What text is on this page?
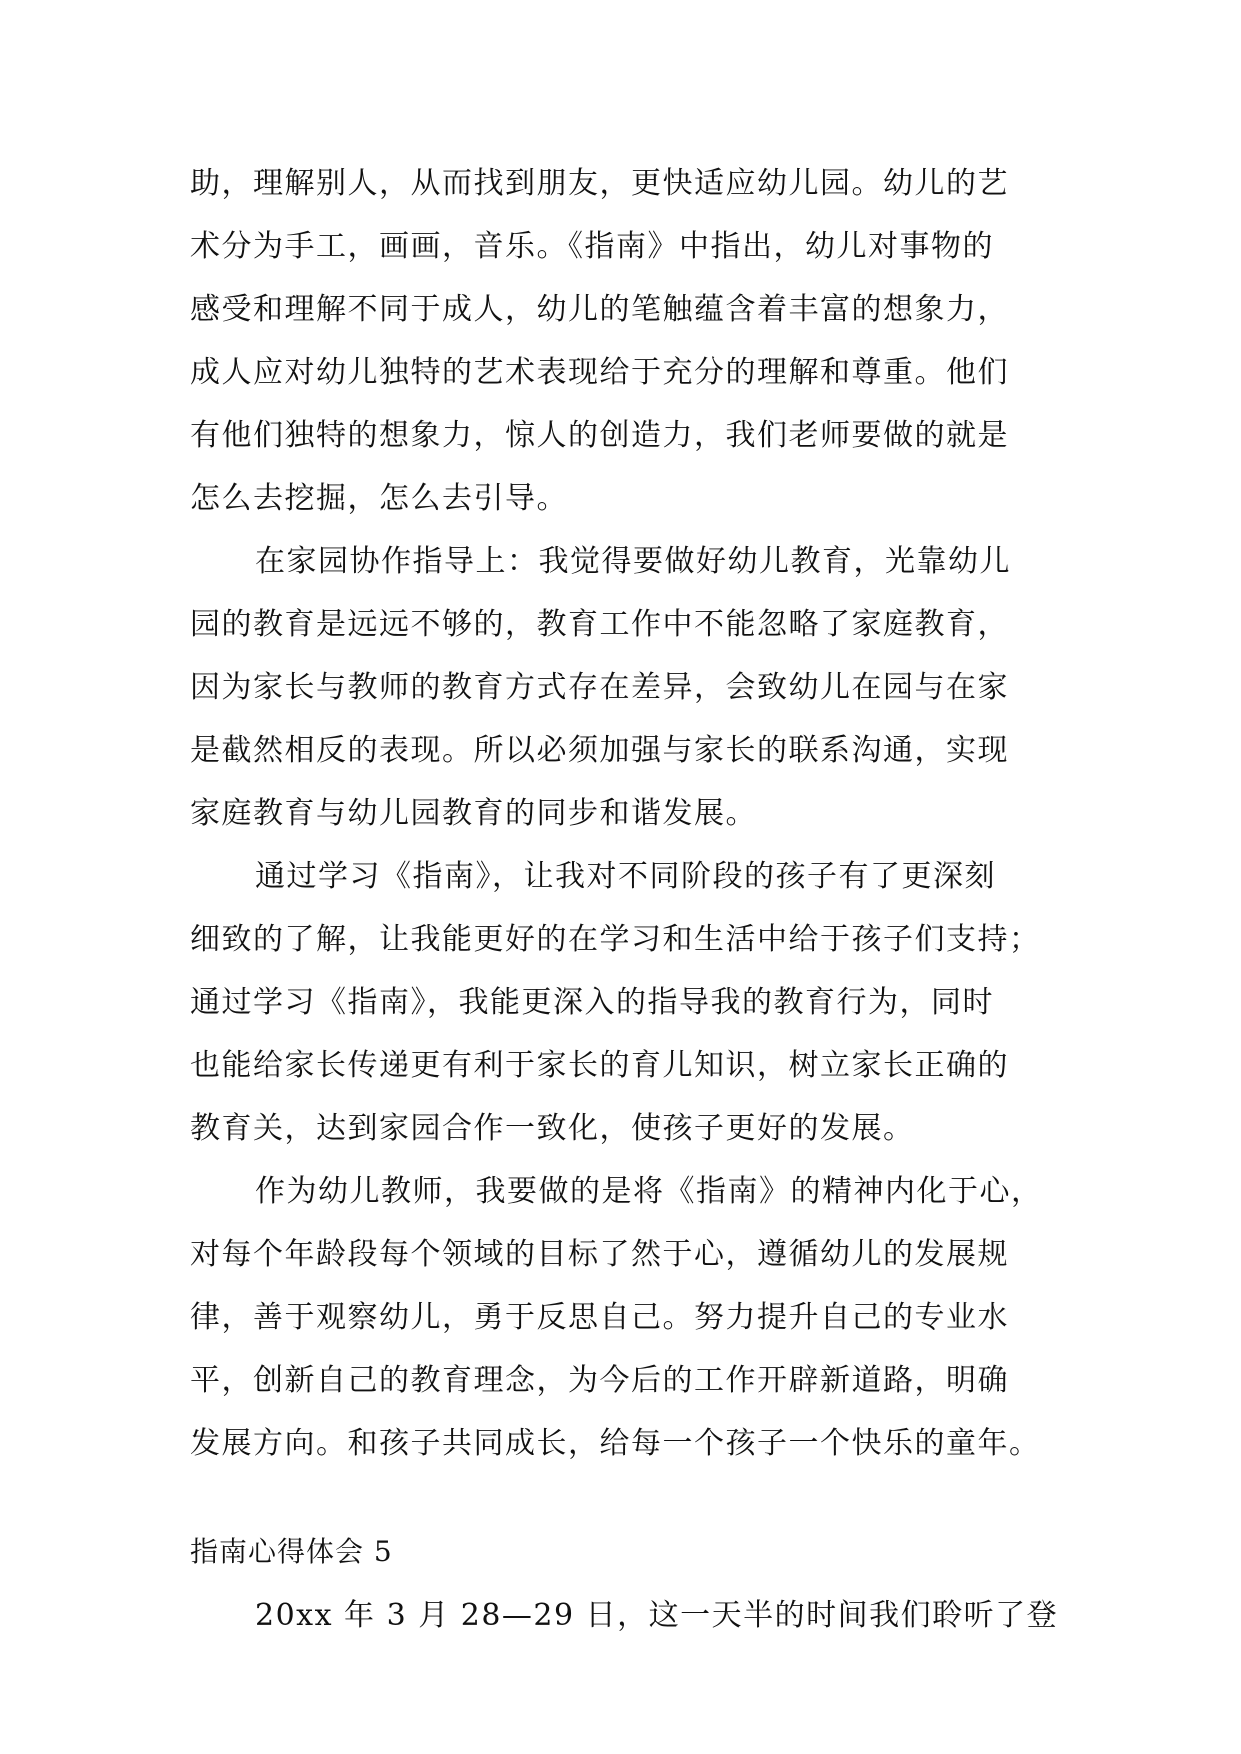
助，理解别人，从而找到朋友，更快适应幼儿园。幼儿的艺
术分为手工，画画，音乐。《指南》中指出，幼儿对事物的
感受和理解不同于成人，幼儿的笔触蕴含着丰富的想象力，
成人应对幼儿独特的艺术表现给于充分的理解和尊重。他们
有他们独特的想象力，惊人的创造力，我们老师要做的就是
怎么去挖掘，怎么去引导。
在家园协作指导上：我觉得要做好幼儿教育，光靠幼儿
园的教育是远远不够的，教育工作中不能忽略了家庭教育，
因为家长与教师的教育方式存在差异，会致幼儿在园与在家
是截然相反的表现。所以必须加强与家长的联系沟通，实现
家庭教育与幼儿园教育的同步和谐发展。
通过学习《指南》，让我对不同阶段的孩子有了更深刻
细致的了解，让我能更好的在学习和生活中给于孩子们支持；
通过学习《指南》，我能更深入的指导我的教育行为，同时
也能给家长传递更有利于家长的育儿知识，树立家长正确的
教育关，达到家园合作一致化，使孩子更好的发展。
作为幼儿教师，我要做的是将《指南》的精神内化于心，
对每个年龄段每个领域的目标了然于心，遵循幼儿的发展规
律，善于观察幼儿，勇于反思自己。努力提升自己的专业水
平，创新自己的教育理念，为今后的工作开辟新道路，明确
发展方向。和孩子共同成长，给每一个孩子一个快乐的童年。
指南心得体会 5
20xx 年 3 月 28—29 日，这一天半的时间我们聆听了登
